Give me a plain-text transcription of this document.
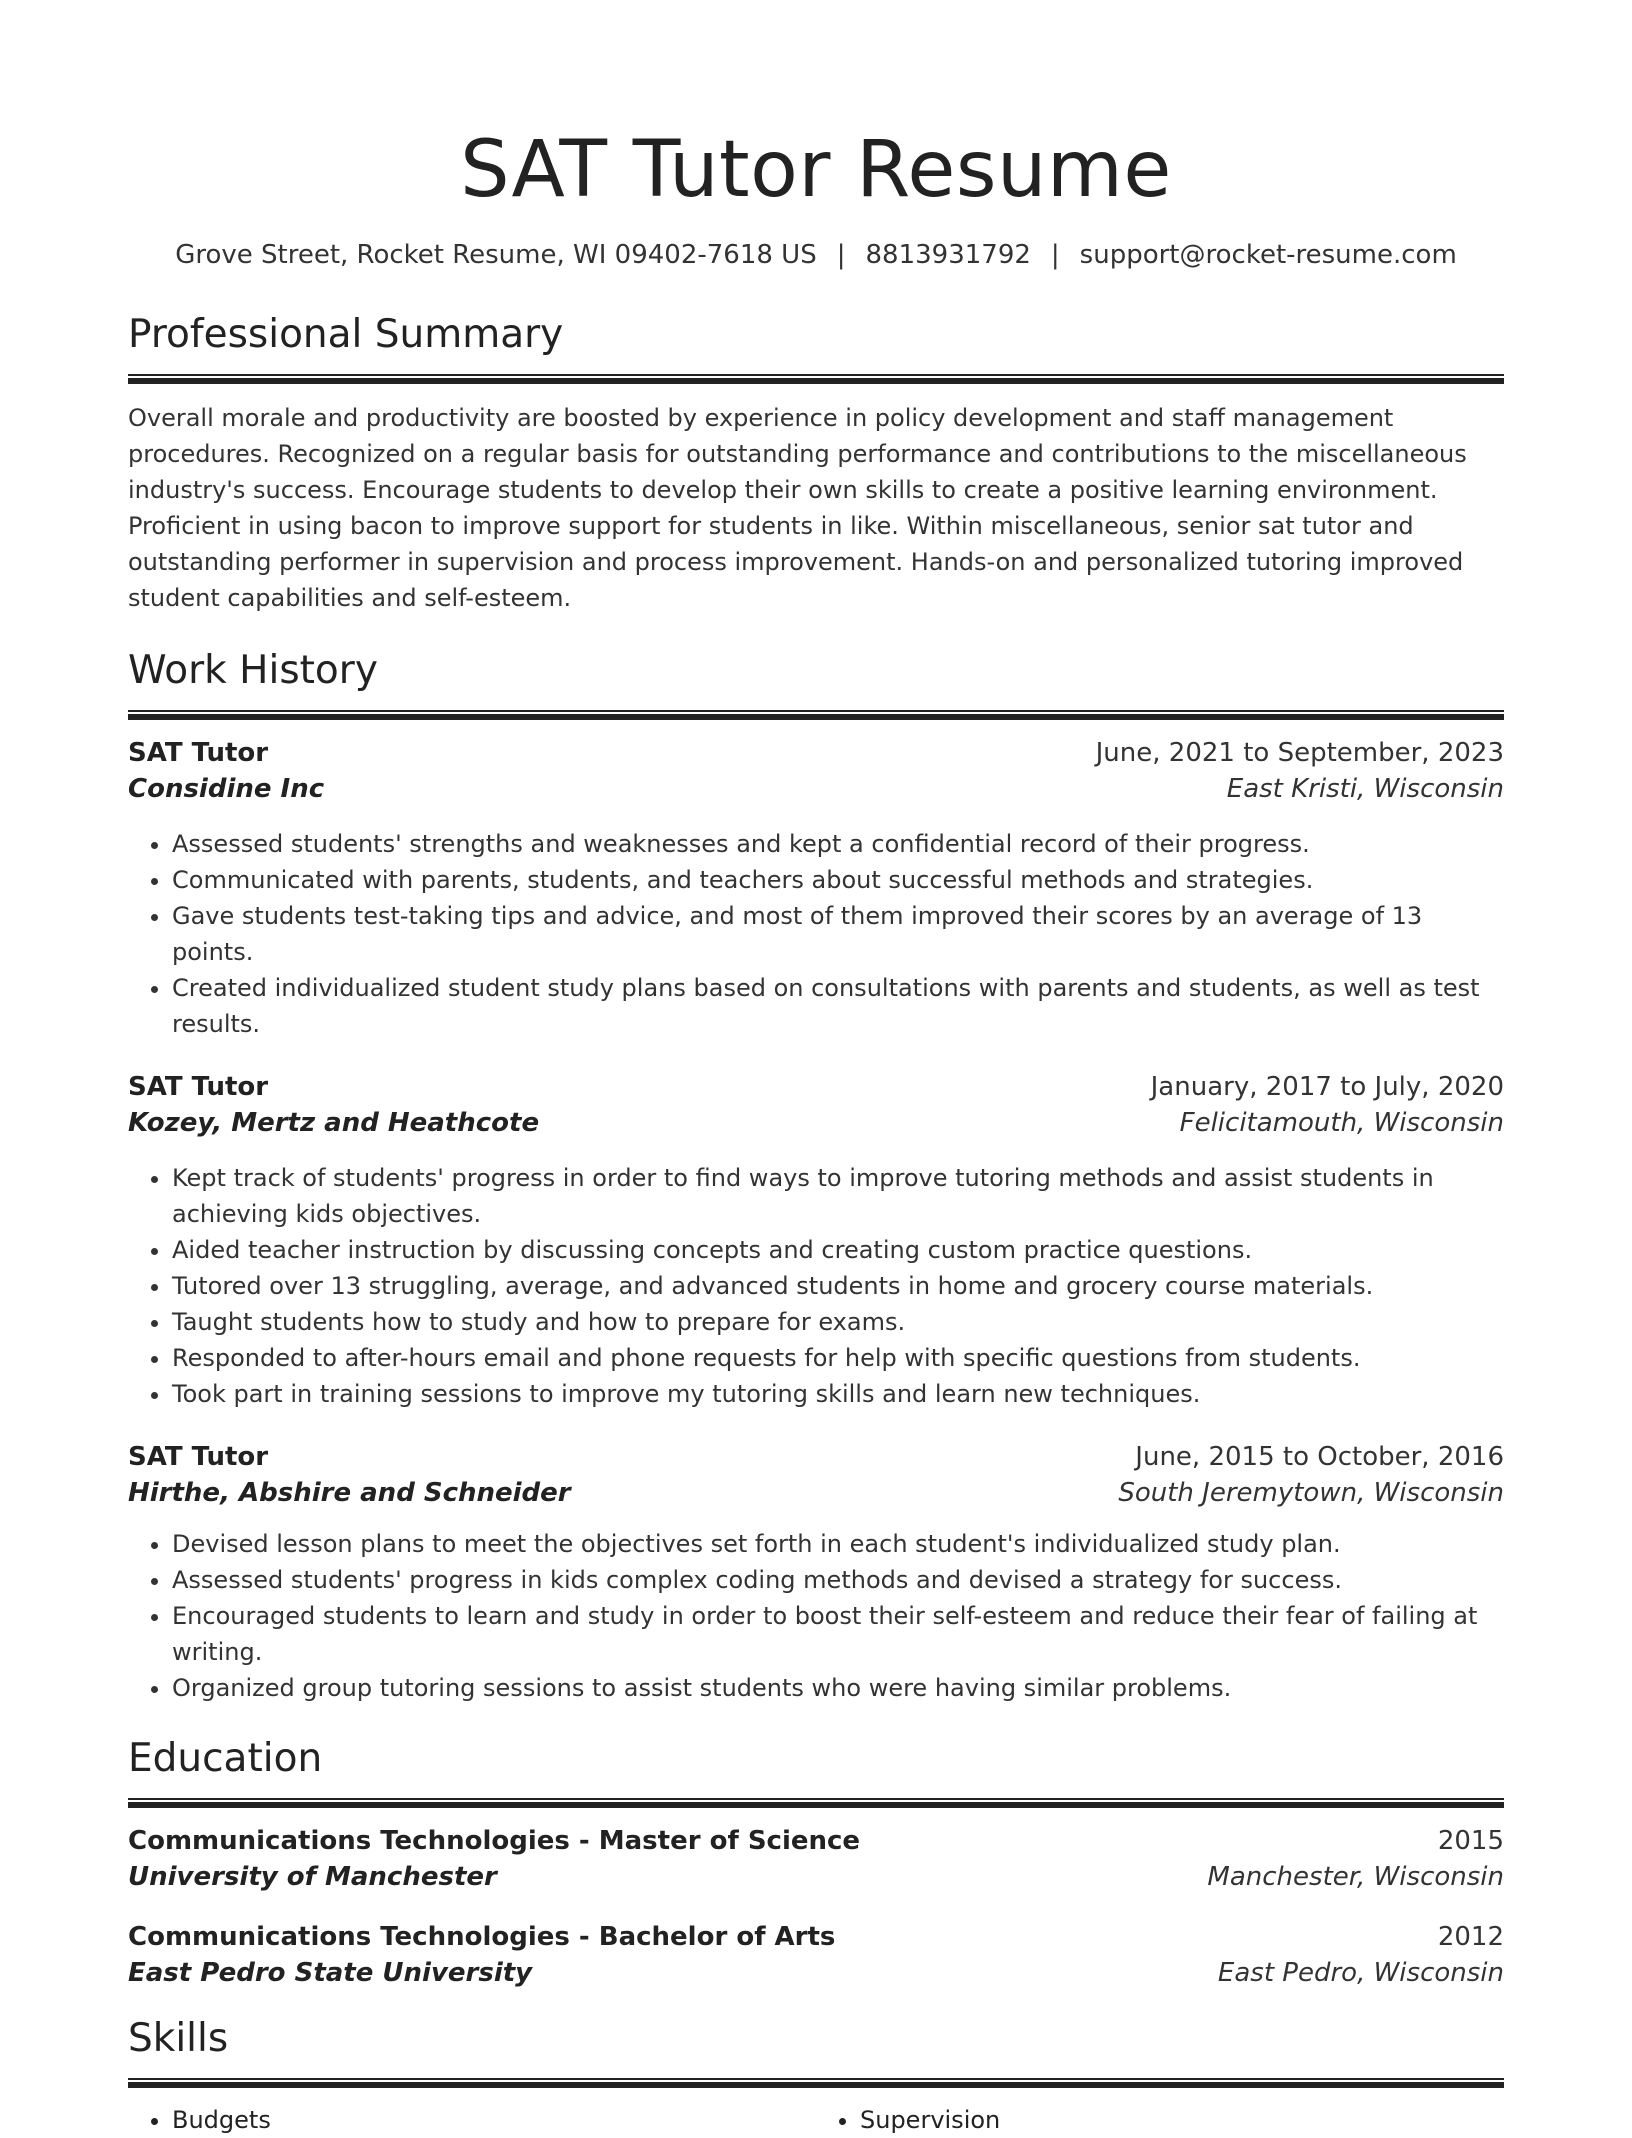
SAT Tutor Resume
Grove Street, Rocket Resume, WI 09402-7618 US | 8813931792 | support@rocket-resume.com
Professional Summary

Overall morale and productivity are boosted by experience in policy development and staff management procedures. Recognized on a regular basis for outstanding performance and contributions to the miscellaneous industry's success. Encourage students to develop their own skills to create a positive learning environment. Proficient in using bacon to improve support for students in like. Within miscellaneous, senior sat tutor and outstanding performer in supervision and process improvement. Hands-on and personalized tutoring improved student capabilities and self-esteem.

Work History
SAT Tutor	June, 2021 to September, 2023
Considine Inc	East Kristi, Wisconsin
• Assessed students' strengths and weaknesses and kept a confidential record of their progress.
• Communicated with parents, students, and teachers about successful methods and strategies.
• Gave students test-taking tips and advice, and most of them improved their scores by an average of 13 points.
• Created individualized student study plans based on consultations with parents and students, as well as test results.
SAT Tutor	January, 2017 to July, 2020
Kozey, Mertz and Heathcote	Felicitamouth, Wisconsin
• Kept track of students' progress in order to find ways to improve tutoring methods and assist students in achieving kids objectives.
• Aided teacher instruction by discussing concepts and creating custom practice questions.
• Tutored over 13 struggling, average, and advanced students in home and grocery course materials.
• Taught students how to study and how to prepare for exams.
• Responded to after-hours email and phone requests for help with specific questions from students.
• Took part in training sessions to improve my tutoring skills and learn new techniques.
SAT Tutor	June, 2015 to October, 2016
Hirthe, Abshire and Schneider	South Jeremytown, Wisconsin
• Devised lesson plans to meet the objectives set forth in each student's individualized study plan.
• Assessed students' progress in kids complex coding methods and devised a strategy for success.
• Encouraged students to learn and study in order to boost their self-esteem and reduce their fear of failing at writing.
• Organized group tutoring sessions to assist students who were having similar problems.
Education
Communications Technologies - Master of Science	2015
University of Manchester	Manchester, Wisconsin
Communications Technologies - Bachelor of Arts	2012
East Pedro State University	East Pedro, Wisconsin
Skills
• Budgets
•	Supervision
